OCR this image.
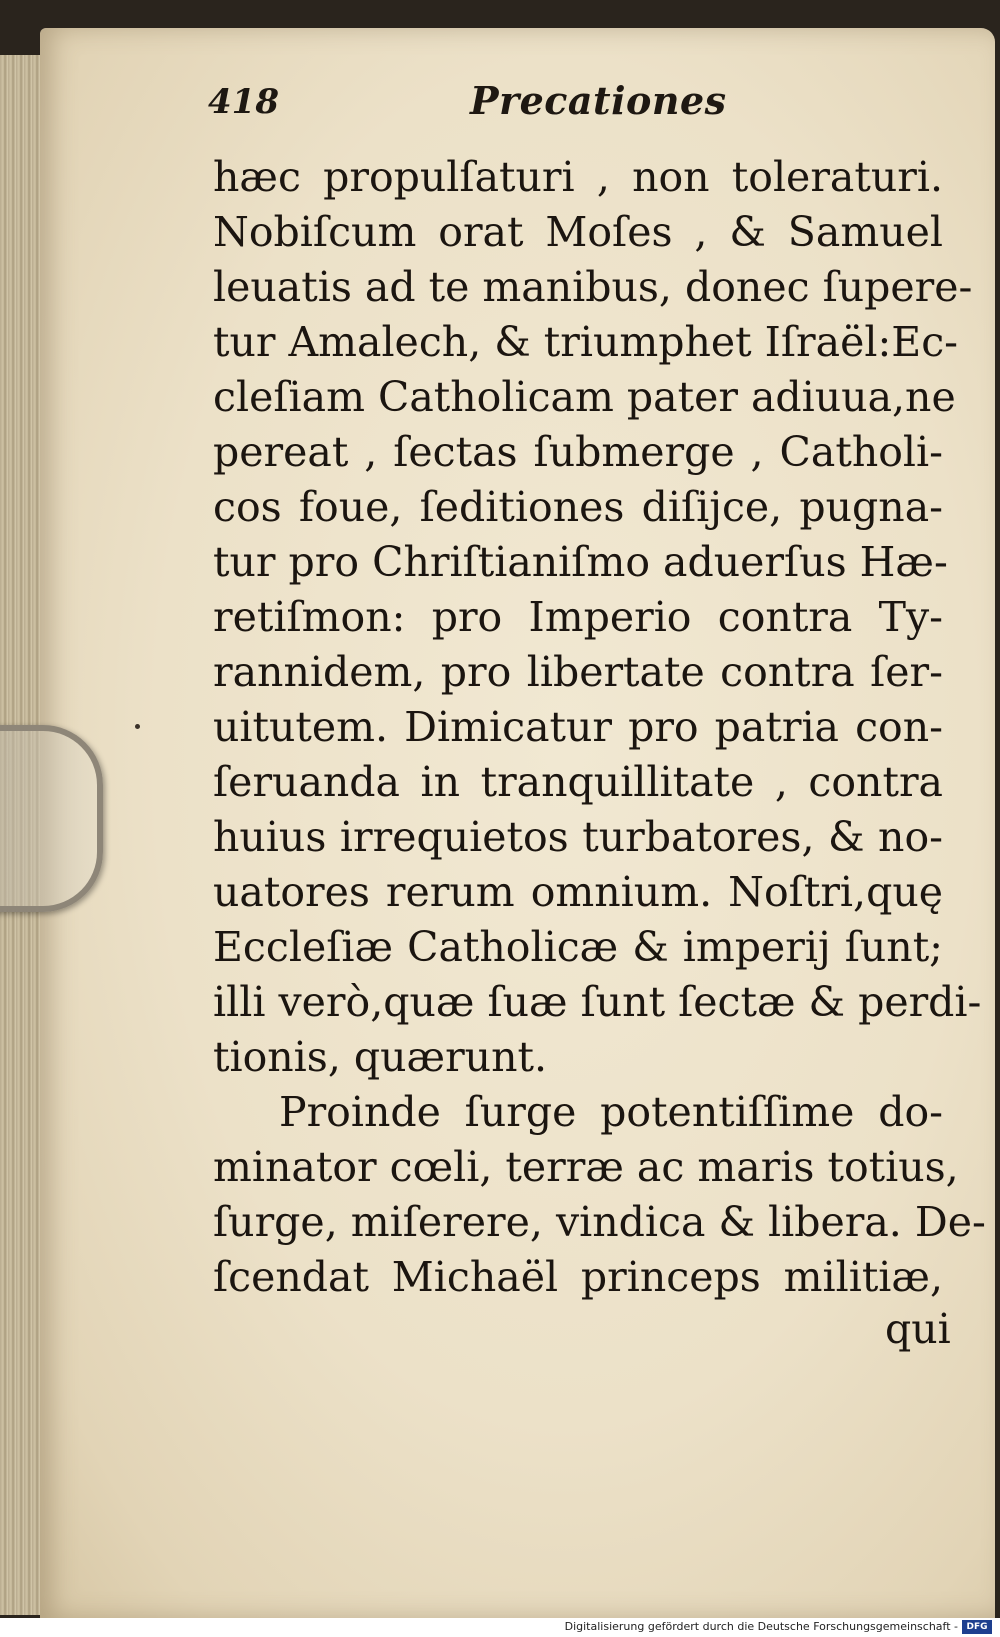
418	Precationes
hæc propulſaturi , non toleraturi.
Nobiſcum orat Moſes , & Samuel
leuatis ad te manibus, donec ſupere-
tur Amalech, & triumphet Iſraël:Ec-
cleſiam Catholicam pater adiuua,ne
pereat , ſectas ſubmerge , Catholi-
cos foue, ſeditiones diſijce, pugna-
tur pro Chriſtianiſmo aduerſus Hæ-
retiſmon: pro Imperio contra Ty-
rannidem, pro libertate contra ſer-
uitutem. Dimicatur pro patria con-
ſeruanda in tranquillitate , contra
huius irrequietos turbatores, & no-
uatores rerum omnium. Noſtri,quę
Eccleſiæ Catholicæ & imperij ſunt;
illi verò,quæ ſuæ ſunt ſectæ & perdi-
tionis, quærunt.
Proinde ſurge potentiſſime do-
minator cœli, terræ ac maris totius,
ſurge, miſerere, vindica & libera. De-
ſcendat Michaël princeps militiæ,
qui
Digitalisierung gefördert durch die Deutsche Forschungsgemeinschaft - DFG
